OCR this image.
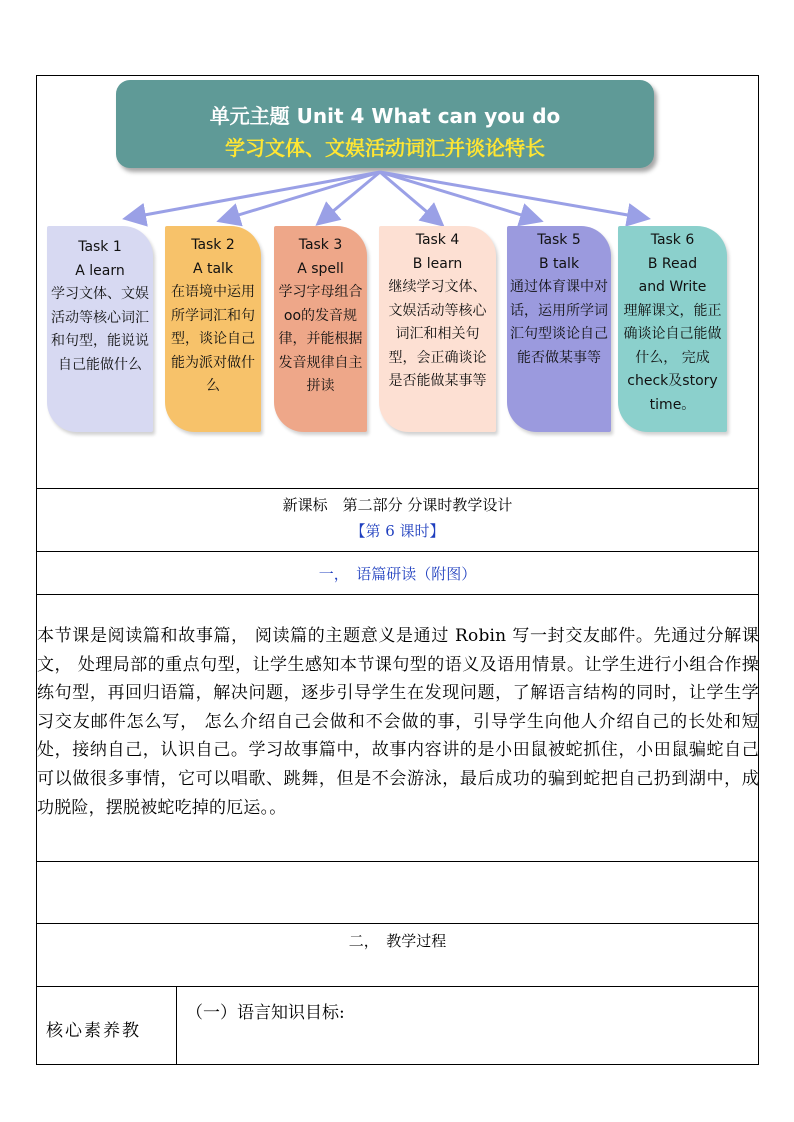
单元主题 Unit 4 What can you do
学习文体、文娱活动词汇并谈论特长
Task 1
A learn
学习文体、文娱活动等核心词汇和句型，能说说自己能做什么
Task 2
A talk
在语境中运用所学词汇和句型，谈论自己能为派对做什么
Task 3
A spell
学习字母组合oo的发音规律，并能根据发音规律自主拼读
Task 4
B learn
继续学习文体、文娱活动等核心词汇和相关句型，会正确谈论是否能做某事等
Task 5
B talk
通过体育课中对话，运用所学词汇句型谈论自己能否做某事等
Task 6
B Read and Write
理解课文，能正确谈论自己能做什么， 完成check及story time。
新课标　第二部分 分课时教学设计
【第 6 课时】
一，　语篇研读（附图）
本节课是阅读篇和故事篇， 阅读篇的主题意义是通过 Robin 写一封交友邮件。先通过分解课文， 处理局部的重点句型，让学生感知本节课句型的语义及语用情景。让学生进行小组合作操练句型，再回归语篇，解决问题，逐步引导学生在发现问题，了解语言结构的同时，让学生学习交友邮件怎么写， 怎么介绍自己会做和不会做的事，引导学生向他人介绍自己的长处和短处，接纳自己，认识自己。学习故事篇中，故事内容讲的是小田鼠被蛇抓住，小田鼠骗蛇自己可以做很多事情，它可以唱歌、跳舞，但是不会游泳，最后成功的骗到蛇把自己扔到湖中，成功脱险，摆脱被蛇吃掉的厄运。。
二，　教学过程
核心素养教
（一）语言知识目标:
